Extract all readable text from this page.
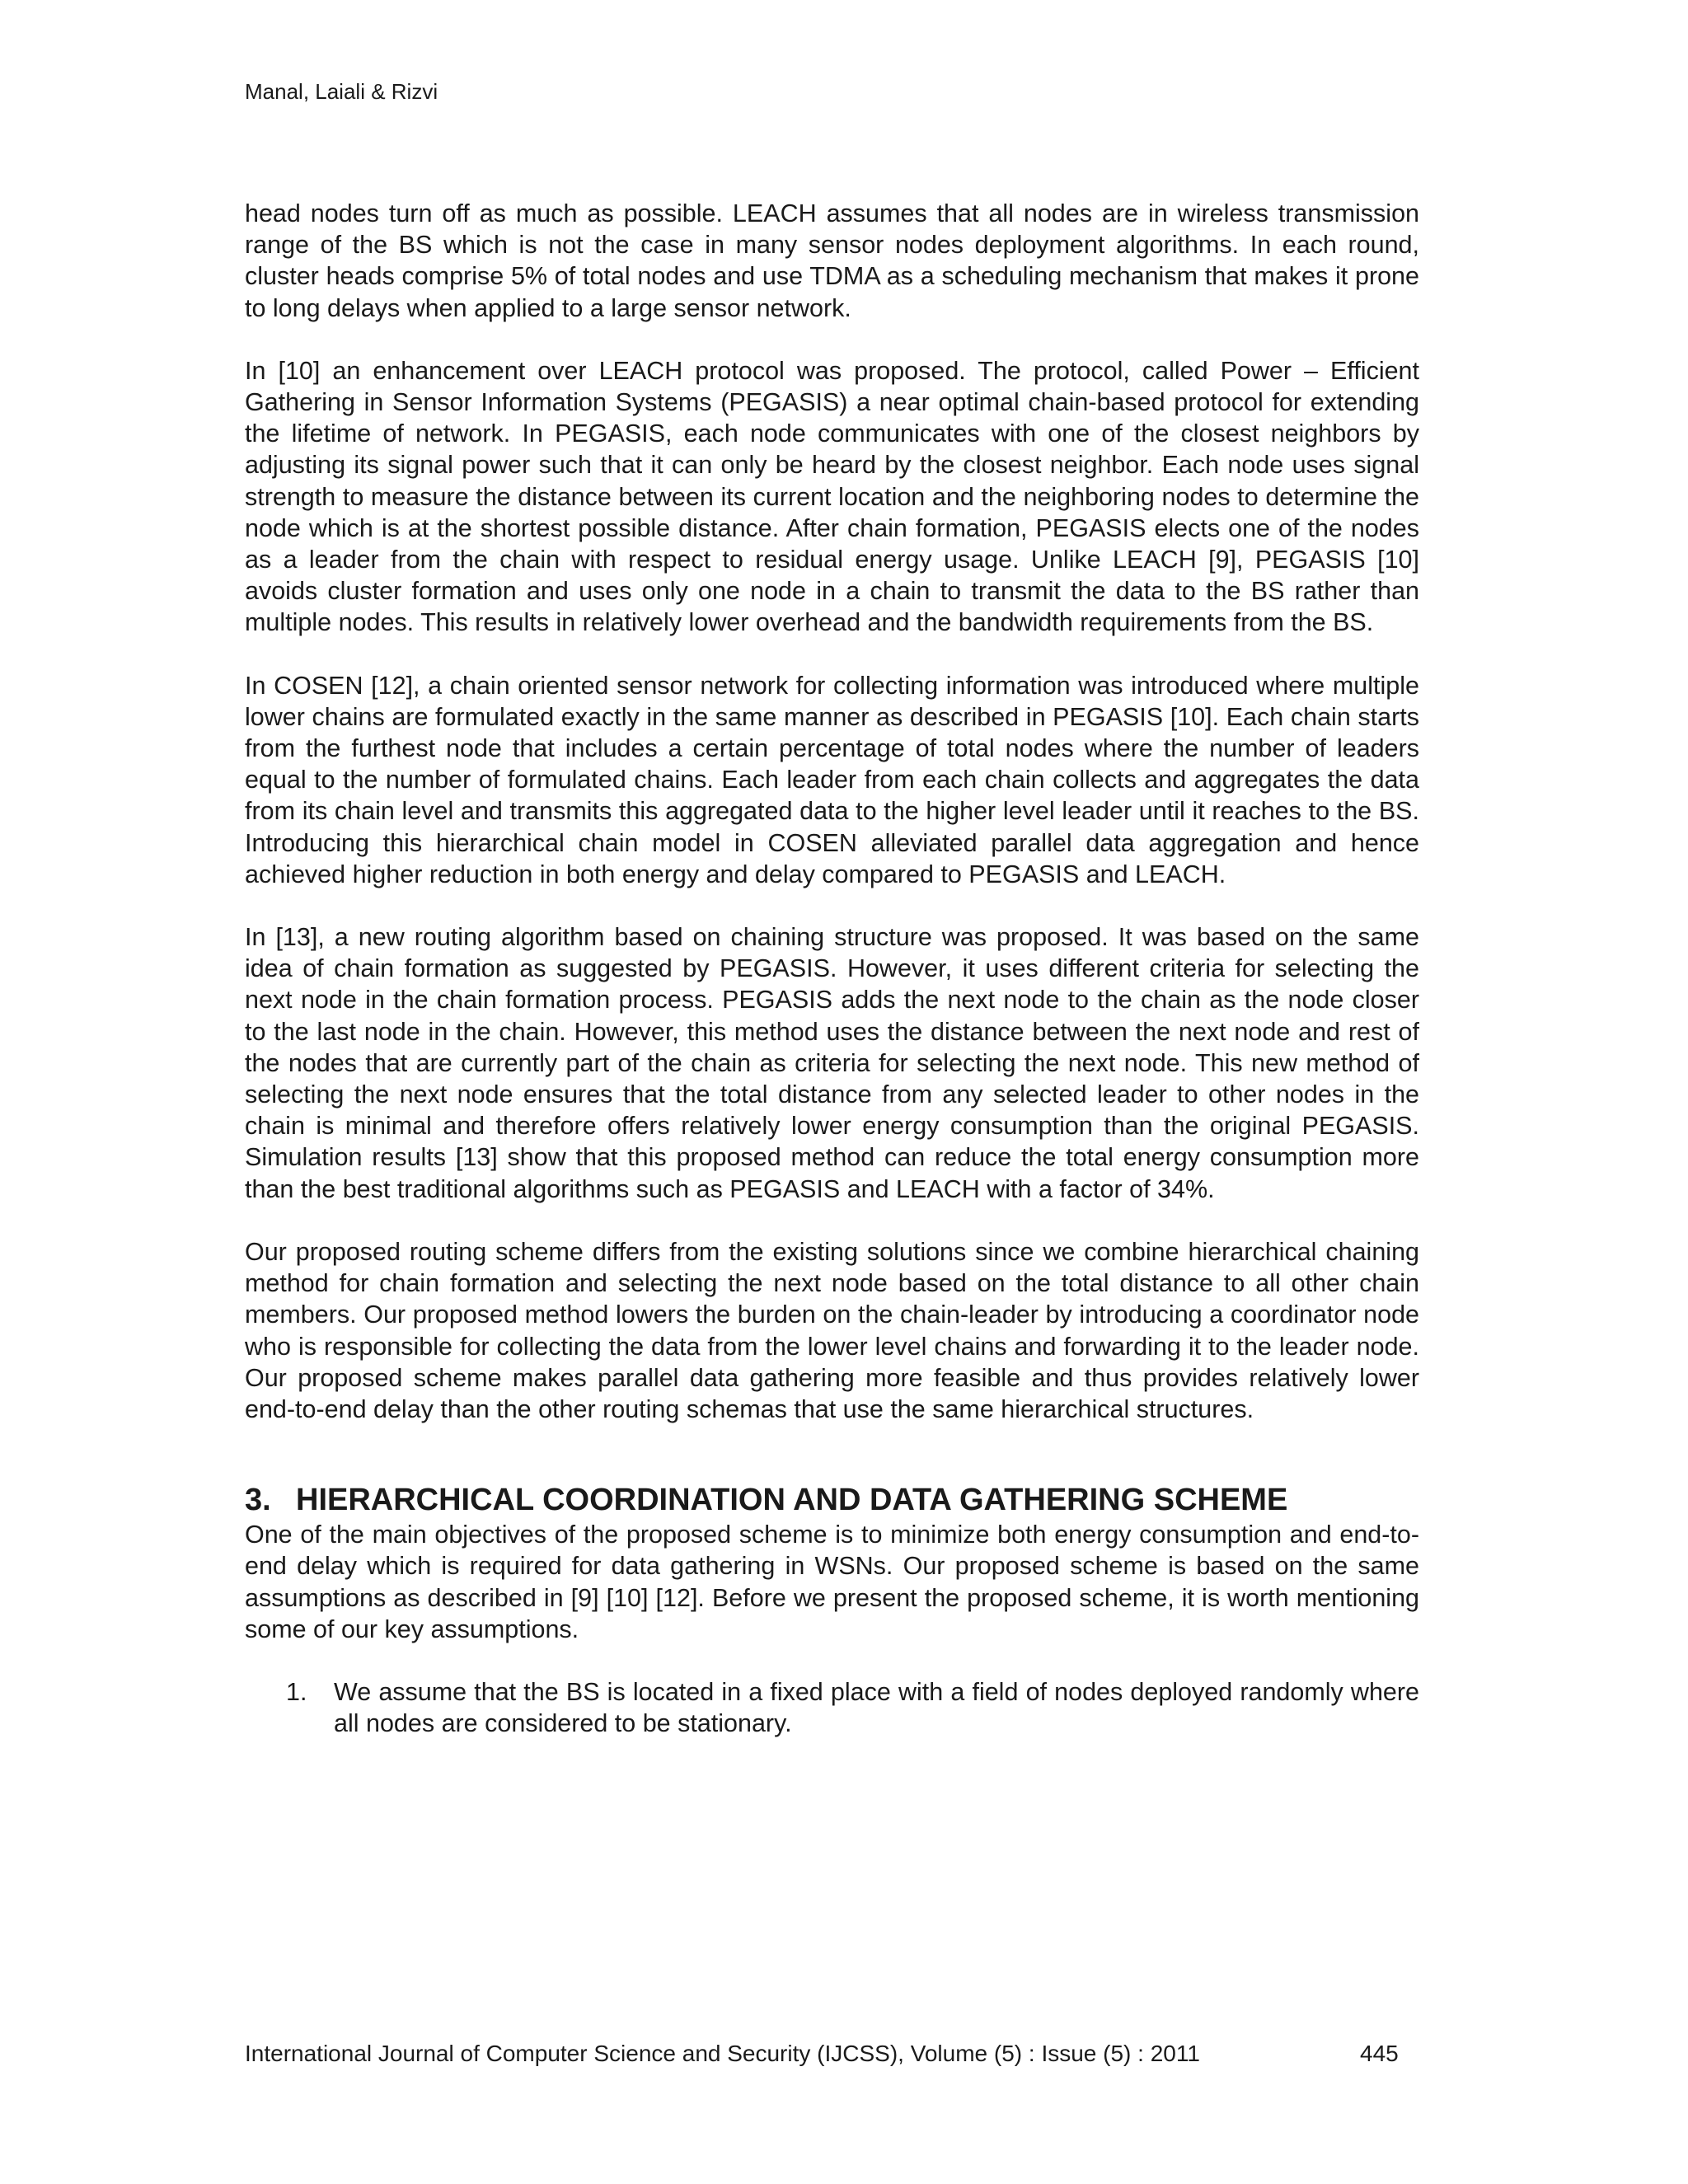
Manal, Laiali & Rizvi

head nodes turn off as much as possible. LEACH assumes that all nodes are in wireless transmission range of the BS which is not the case in many sensor nodes deployment algorithms. In each round, cluster heads comprise 5% of total nodes and use TDMA as a scheduling mechanism that makes it prone to long delays when applied to a large sensor network.

In [10] an enhancement over LEACH protocol was proposed. The protocol, called Power – Efficient Gathering in Sensor Information Systems (PEGASIS) a near optimal chain-based protocol for extending the lifetime of network. In PEGASIS, each node communicates with one of the closest neighbors by adjusting its signal power such that it can only be heard by the closest neighbor. Each node uses signal strength to measure the distance between its current location and the neighboring nodes to determine the node which is at the shortest possible distance. After chain formation, PEGASIS elects one of the nodes as a leader from the chain with respect to residual energy usage. Unlike LEACH [9], PEGASIS [10] avoids cluster formation and uses only one node in a chain to transmit the data to the BS rather than multiple nodes. This results in relatively lower overhead and the bandwidth requirements from the BS.

In COSEN [12], a chain oriented sensor network for collecting information was introduced where multiple lower chains are formulated exactly in the same manner as described in PEGASIS [10]. Each chain starts from the furthest node that includes a certain percentage of total nodes where the number of leaders equal to the number of formulated chains. Each leader from each chain collects and aggregates the data from its chain level and transmits this aggregated data to the higher level leader until it reaches to the BS. Introducing this hierarchical chain model in COSEN alleviated parallel data aggregation and hence achieved higher reduction in both energy and delay compared to PEGASIS and LEACH.

In [13], a new routing algorithm based on chaining structure was proposed. It was based on the same idea of chain formation as suggested by PEGASIS. However, it uses different criteria for selecting the next node in the chain formation process. PEGASIS adds the next node to the chain as the node closer to the last node in the chain. However, this method uses the distance between the next node and rest of the nodes that are currently part of the chain as criteria for selecting the next node. This new method of selecting the next node ensures that the total distance from any selected leader to other nodes in the chain is minimal and therefore offers relatively lower energy consumption than the original PEGASIS. Simulation results [13] show that this proposed method can reduce the total energy consumption more than the best traditional algorithms such as PEGASIS and LEACH with a factor of 34%.

Our proposed routing scheme differs from the existing solutions since we combine hierarchical chaining method for chain formation and selecting the next node based on the total distance to all other chain members. Our proposed method lowers the burden on the chain-leader by introducing a coordinator node who is responsible for collecting the data from the lower level chains and forwarding it to the leader node. Our proposed scheme makes parallel data gathering more feasible and thus provides relatively lower end-to-end delay than the other routing schemas that use the same hierarchical structures.

3. HIERARCHICAL COORDINATION AND DATA GATHERING SCHEME

One of the main objectives of the proposed scheme is to minimize both energy consumption and end-to-end delay which is required for data gathering in WSNs. Our proposed scheme is based on the same assumptions as described in [9] [10] [12]. Before we present the proposed scheme, it is worth mentioning some of our key assumptions.

1. We assume that the BS is located in a fixed place with a field of nodes deployed randomly where all nodes are considered to be stationary.
International Journal of Computer Science and Security (IJCSS), Volume (5) : Issue (5) : 2011	445
